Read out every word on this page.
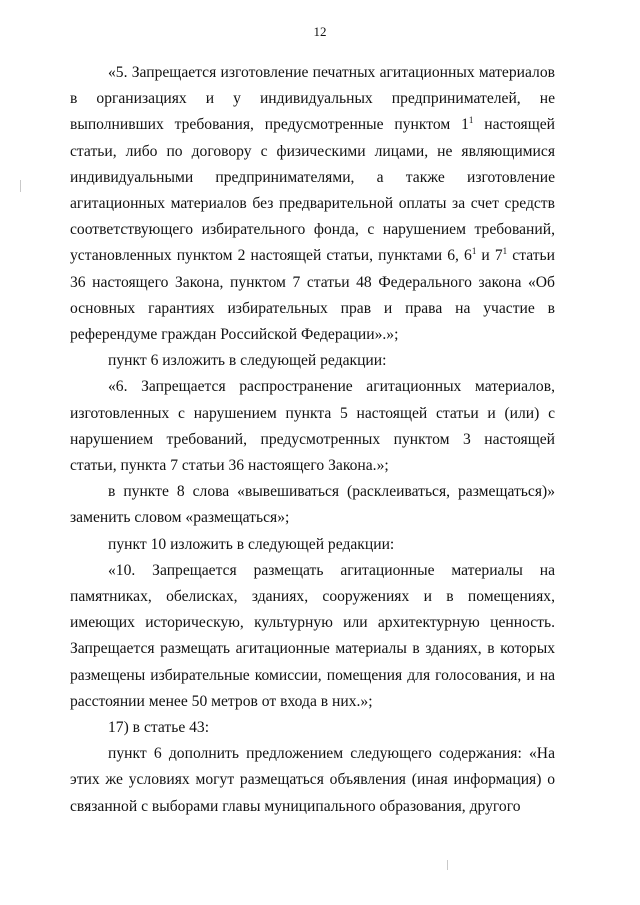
12

«5. Запрещается изготовление печатных агитационных материалов в организациях и у индивидуальных предпринимателей, не выполнивших требования, предусмотренные пунктом $1^1$ настоящей статьи, либо по договору с физическими лицами, не являющимися индивидуальными предпринимателями, а также изготовление агитационных материалов без предварительной оплаты за счет средств соответствующего избирательного фонда, с нарушением требований, установленных пунктом 2 настоящей статьи, пунктами 6, $6^1$ и $7^1$ статьи 36 настоящего Закона, пунктом 7 статьи 48 Федерального закона «Об основных гарантиях избирательных прав и права на участие в референдуме граждан Российской Федерации».»;

пункт 6 изложить в следующей редакции:

«6. Запрещается распространение агитационных материалов, изготовленных с нарушением пункта 5 настоящей статьи и (или) с нарушением требований, предусмотренных пунктом 3 настоящей статьи, пункта 7 статьи 36 настоящего Закона.»;

в пункте 8 слова «вывешиваться (расклеиваться, размещаться)» заменить словом «размещаться»;

пункт 10 изложить в следующей редакции:

«10. Запрещается размещать агитационные материалы на памятниках, обелисках, зданиях, сооружениях и в помещениях, имеющих историческую, культурную или архитектурную ценность. Запрещается размещать агитационные материалы в зданиях, в которых размещены избирательные комиссии, помещения для голосования, и на расстоянии менее 50 метров от входа в них.»;

17) в статье 43:

пункт 6 дополнить предложением следующего содержания: «На этих же условиях могут размещаться объявления (иная информация) о связанной с выборами главы муниципального образования, другого
